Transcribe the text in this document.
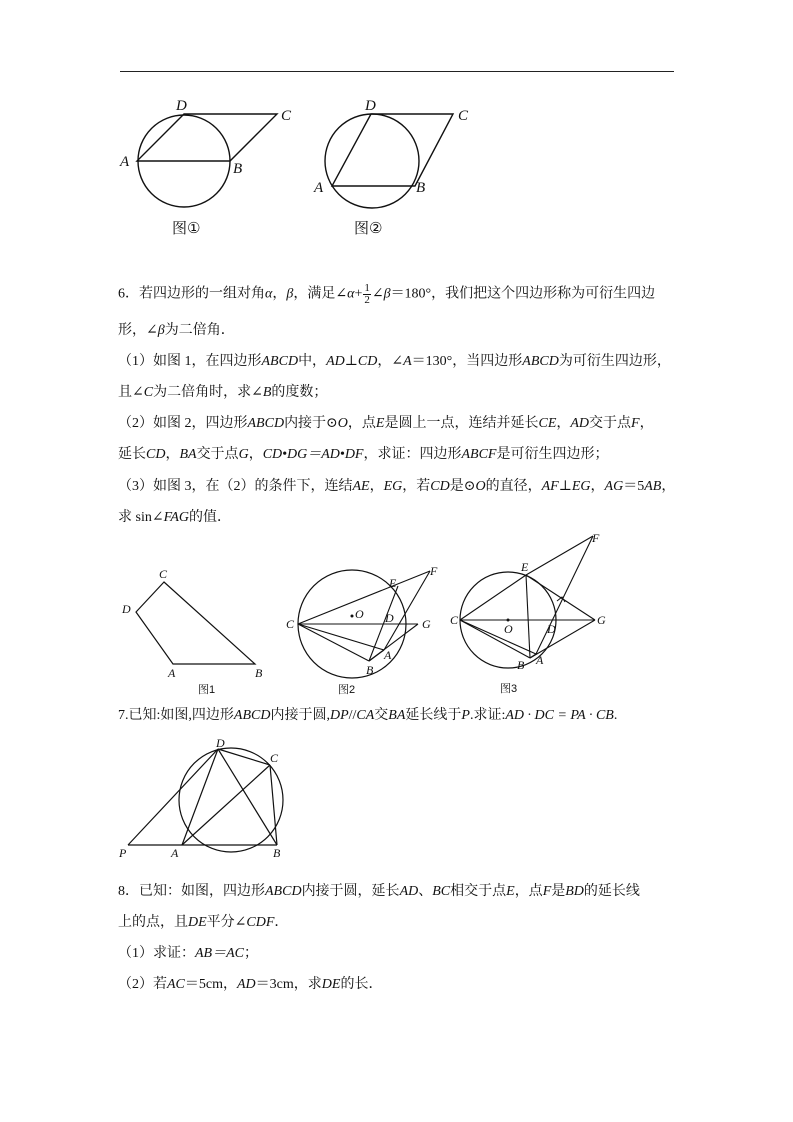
A	B
C
D
图①
A	B
C
D
图②
6．若四边形的一组对角α，β，满足∠α+ $\frac{1}{2}$ ∠β＝180°，我们把这个四边形称为可衍生四边
形，∠β为二倍角．
（1）如图 1，在四边形ABCD中，AD⊥CD，∠A＝130°，当四边形ABCD为可衍生四边形，
且∠C为二倍角时，求∠B的度数；
（2）如图 2，四边形ABCD内接于⊙O，点E是圆上一点，连结并延长CE，AD交于点F，
延长CD，BA交于点G，CD•DG＝AD•DF，求证：四边形ABCF是可衍生四边形；
（3）如图 3，在（2）的条件下，连结AE，EG，若CD是⊙O的直径，AF⊥EG，AG＝5AB，
求 sin∠FAG的值．
C
D
A	B
图1
C
O
E
F
D G
A
B
图2
C
O
E
F
D
G
A
B
图3
7.已知:如图,四边形ABCD内接于圆,DP//CA交BA延长线于P.求证:AD · DC = PA · CB.
P	A	B
C
D
8．已知：如图，四边形ABCD内接于圆，延长AD、BC相交于点E，点F是BD的延长线
上的点，且DE平分∠CDF．
（1）求证：AB＝AC；
（2）若AC＝5cm，AD＝3cm，求DE的长．
